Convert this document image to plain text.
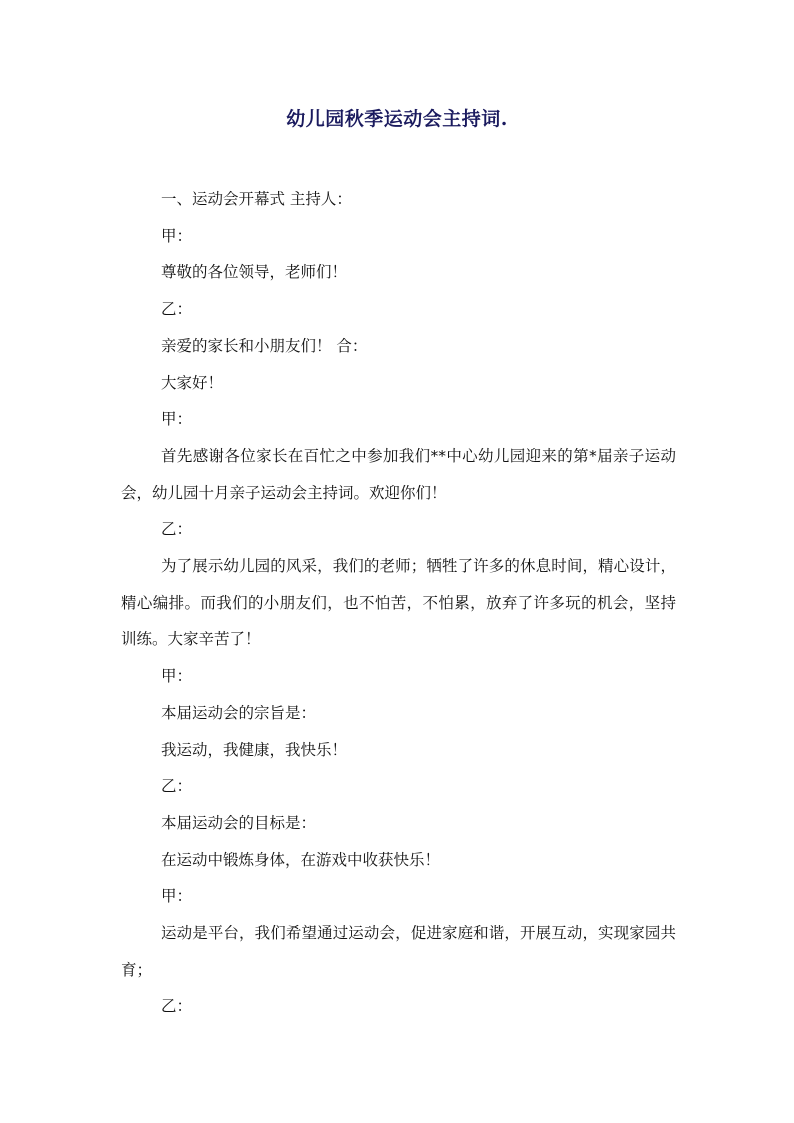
幼儿园秋季运动会主持词.

一、运动会开幕式 主持人：

甲：

尊敬的各位领导，老师们！

乙：

亲爱的家长和小朋友们！ 合：

大家好！

甲：

首先感谢各位家长在百忙之中参加我们**中心幼儿园迎来的第*届亲子运动会，幼儿园十月亲子运动会主持词。欢迎你们！

乙：

为了展示幼儿园的风采，我们的老师；牺牲了许多的休息时间，精心设计，精心编排。而我们的小朋友们，也不怕苦，不怕累，放弃了许多玩的机会，坚持训练。大家辛苦了！

甲：

本届运动会的宗旨是：

我运动，我健康，我快乐！

乙：

本届运动会的目标是：

在运动中锻炼身体，在游戏中收获快乐！

甲：

运动是平台，我们希望通过运动会，促进家庭和谐，开展互动，实现家园共育；

乙：
